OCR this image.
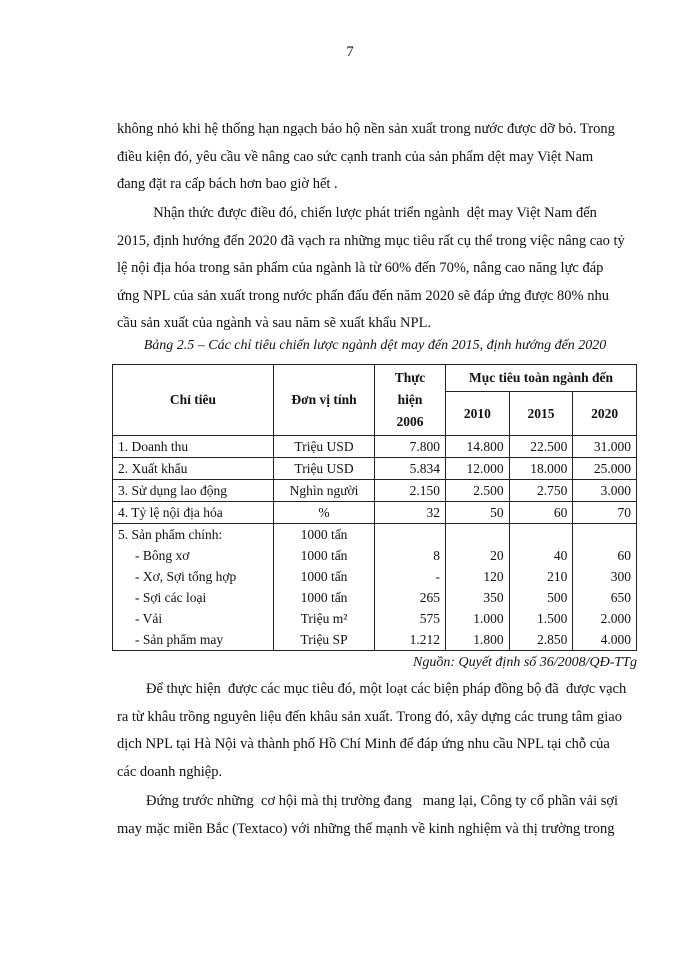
7

không nhỏ khi hệ thống hạn ngạch bảo hộ nền sản xuất trong nước được dỡ bỏ. Trong
điều kiện đó, yêu cầu về nâng cao sức cạnh tranh của sản phẩm dệt may Việt Nam
đang đặt ra cấp bách hơn bao giờ hết .

Nhận thức được điều đó, chiến lược phát triển ngành  dệt may Việt Nam đến
2015, định hướng đến 2020 đã vạch ra những mục tiêu rất cụ thể trong việc nâng cao tỷ
lệ nội địa hóa trong sản phẩm của ngành là từ 60% đến 70%, nâng cao năng lực đáp
ứng NPL của sản xuất trong nước phấn đấu đến năm 2020 sẽ đáp ứng được 80% nhu
cầu sản xuất của ngành và sau năm sẽ xuất khẩu NPL.

Bảng 2.5 – Các chỉ tiêu chiến lược ngành dệt may đến 2015, định hướng đến 2020
Chỉ tiêu	Đơn vị tính	Thực
hiện
2006	Mục tiêu toàn ngành đến		
			2010	2015	2020
1. Doanh thu	Triệu USD	7.800	14.800	22.500	31.000
2. Xuất khẩu	Triệu USD	5.834	12.000	18.000	25.000
3. Sử dụng lao động	Nghìn người	2.150	2.500	2.750	3.000
4. Tỷ lệ nội địa hóa	%	32	50	60	70
5. Sản phẩm chính:	1000 tấn				
- Bông xơ	1000 tấn	8	20	40	60
- Xơ, Sợi tổng hợp	1000 tấn	-	120	210	300
- Sợi các loại	1000 tấn	265	350	500	650
- Vải	Triệu m²	575	1.000	1.500	2.000
- Sản phẩm may	Triệu SP	1.212	1.800	2.850	4.000
Nguồn: Quyết định số 36/2008/QĐ-TTg

Để thực hiện  được các mục tiêu đó, một loạt các biện pháp đồng bộ đã  được vạch
ra từ khâu trồng nguyên liệu đến khâu sản xuất. Trong đó, xây dựng các trung tâm giao
dịch NPL tại Hà Nội và thành phố Hồ Chí Minh để đáp ứng nhu cầu NPL tại chỗ của
các doanh nghiệp.

Đứng trước những  cơ hội mà thị trường đang   mang lại, Công ty cổ phần vải sợi
may mặc miền Bắc (Textaco) với những thế mạnh về kinh nghiệm và thị trường trong
